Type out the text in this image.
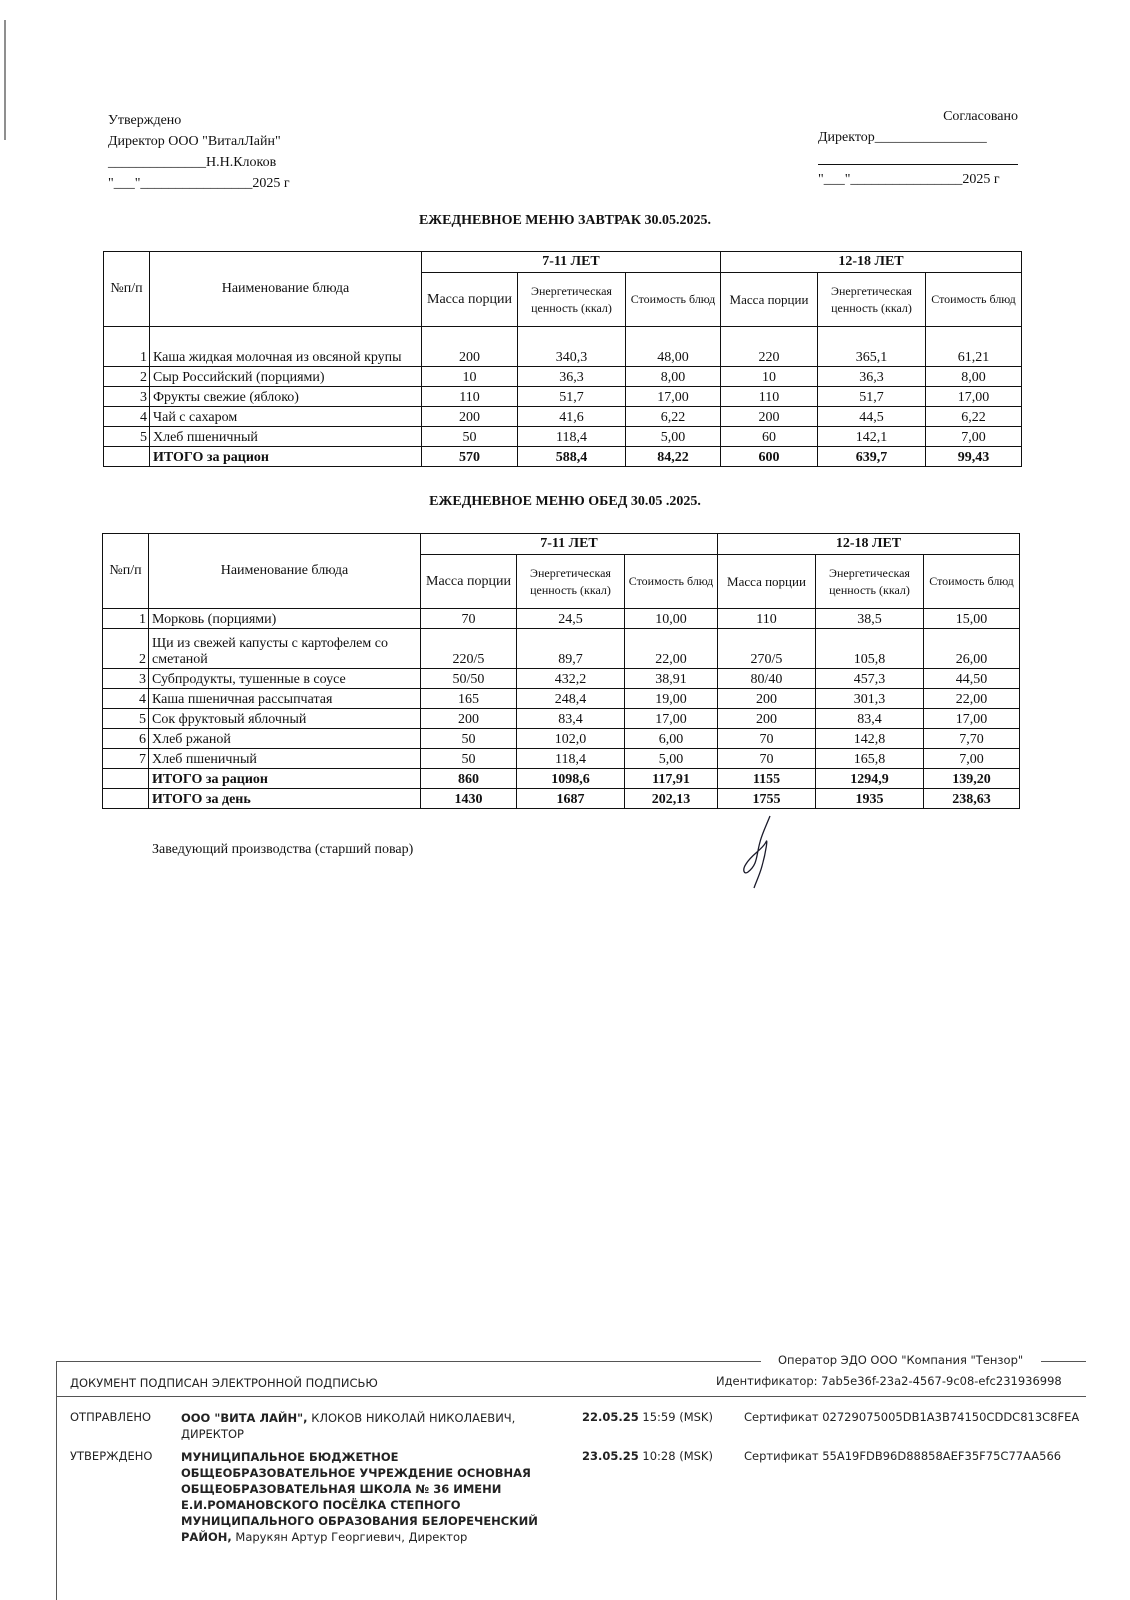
Утверждено
Директор ООО "ВиталЛайн"
______________Н.Н.Клоков
"___"________________2025 г
Согласовано
Директор________________
"___"________________2025 г
ЕЖЕДНЕВНОЕ МЕНЮ ЗАВТРАК 30.05.2025.
№п/п	Наименование блюда	7-11 ЛЕТ			12-18 ЛЕТ		
		Масса порции	Энергетическая ценность (ккал)	Стоимость блюд	Масса порции	Энергетическая ценность (ккал)	Стоимость блюд
1	Каша жидкая молочная из овсяной крупы	200	340,3	48,00	220	365,1	61,21
2	Сыр Российский (порциями)	10	36,3	8,00	10	36,3	8,00
3	Фрукты свежие (яблоко)	110	51,7	17,00	110	51,7	17,00
4	Чай с сахаром	200	41,6	6,22	200	44,5	6,22
5	Хлеб пшеничный	50	118,4	5,00	60	142,1	7,00
	ИТОГО за рацион	570	588,4	84,22	600	639,7	99,43
ЕЖЕДНЕВНОЕ МЕНЮ ОБЕД 30.05 .2025.
№п/п	Наименование блюда	7-11 ЛЕТ			12-18 ЛЕТ		
		Масса порции	Энергетическая ценность (ккал)	Стоимость блюд	Масса порции	Энергетическая ценность (ккал)	Стоимость блюд
1	Морковь (порциями)	70	24,5	10,00	110	38,5	15,00
2	Щи из свежей капусты с картофелем со сметаной	220/5	89,7	22,00	270/5	105,8	26,00
3	Субпродукты, тушенные в соусе	50/50	432,2	38,91	80/40	457,3	44,50
4	Каша пшеничная рассыпчатая	165	248,4	19,00	200	301,3	22,00
5	Сок фруктовый яблочный	200	83,4	17,00	200	83,4	17,00
6	Хлеб ржаной	50	102,0	6,00	70	142,8	7,70
7	Хлеб пшеничный	50	118,4	5,00	70	165,8	7,00
	ИТОГО за рацион	860	1098,6	117,91	1155	1294,9	139,20
	ИТОГО за день	1430	1687	202,13	1755	1935	238,63
Заведующий производства (старший повар)
Оператор ЭДО ООО "Компания "Тензор"
ДОКУМЕНТ ПОДПИСАН ЭЛЕКТРОННОЙ ПОДПИСЬЮ	Идентификатор: 7ab5e36f-23a2-4567-9c08-efc231936998
ОТПРАВЛЕНО	ООО "ВИТА ЛАЙН", КЛОКОВ НИКОЛАЙ НИКОЛАЕВИЧ, ДИРЕКТОР
22.05.25 15:59 (MSK)	Сертификат 02729075005DB1A3B74150CDDC813C8FEA
УТВЕРЖДЕНО МУНИЦИПАЛЬНОЕ БЮДЖЕТНОЕ ОБЩЕОБРАЗОВАТЕЛЬНОЕ УЧРЕЖДЕНИЕ ОСНОВНАЯ ОБЩЕОБРАЗОВАТЕЛЬНАЯ ШКОЛА № 36 ИМЕНИ Е.И.РОМАНОВСКОГО ПОСЁЛКА СТЕПНОГО МУНИЦИПАЛЬНОГО ОБРАЗОВАНИЯ БЕЛОРЕЧЕНСКИЙ РАЙОН, Марукян Артур Георгиевич, Директор
23.05.25 10:28 (MSK)	Сертификат 55A19FDB96D88858AEF35F75C77AA566
